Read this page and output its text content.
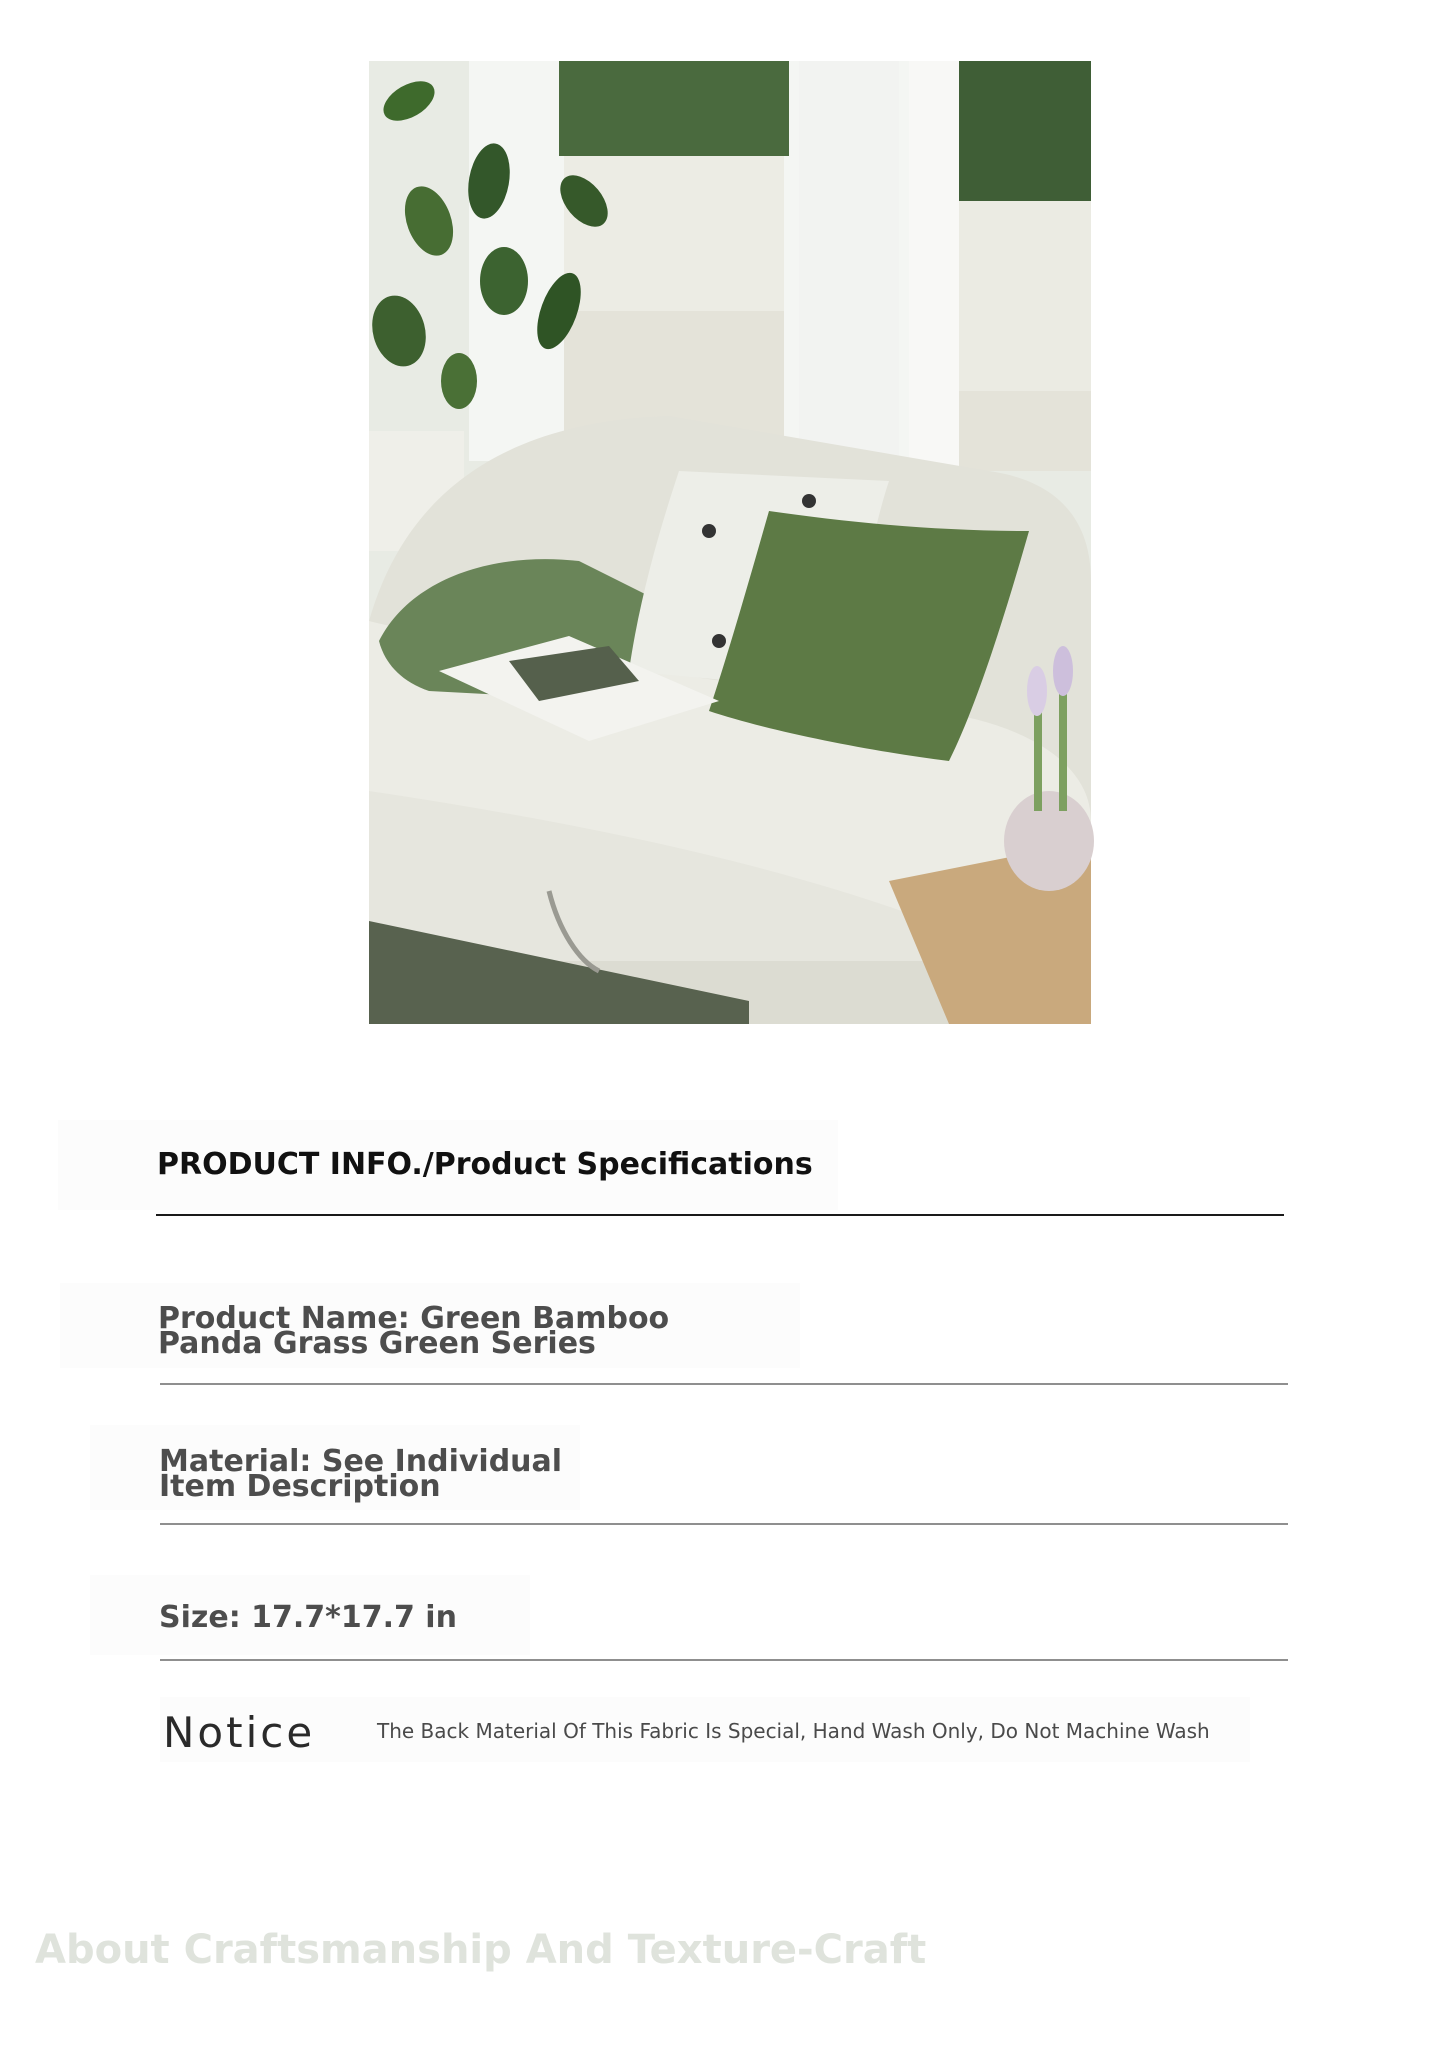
PRODUCT INFO./Product Specifications

Product Name: Green Bamboo Panda Grass Green Series

Material: See Individual Item Description

Size: 17.7*17.7 in

Notice	The Back Material Of This Fabric Is Special, Hand Wash Only, Do Not Machine Wash

About Craftsmanship And Texture-Craft
